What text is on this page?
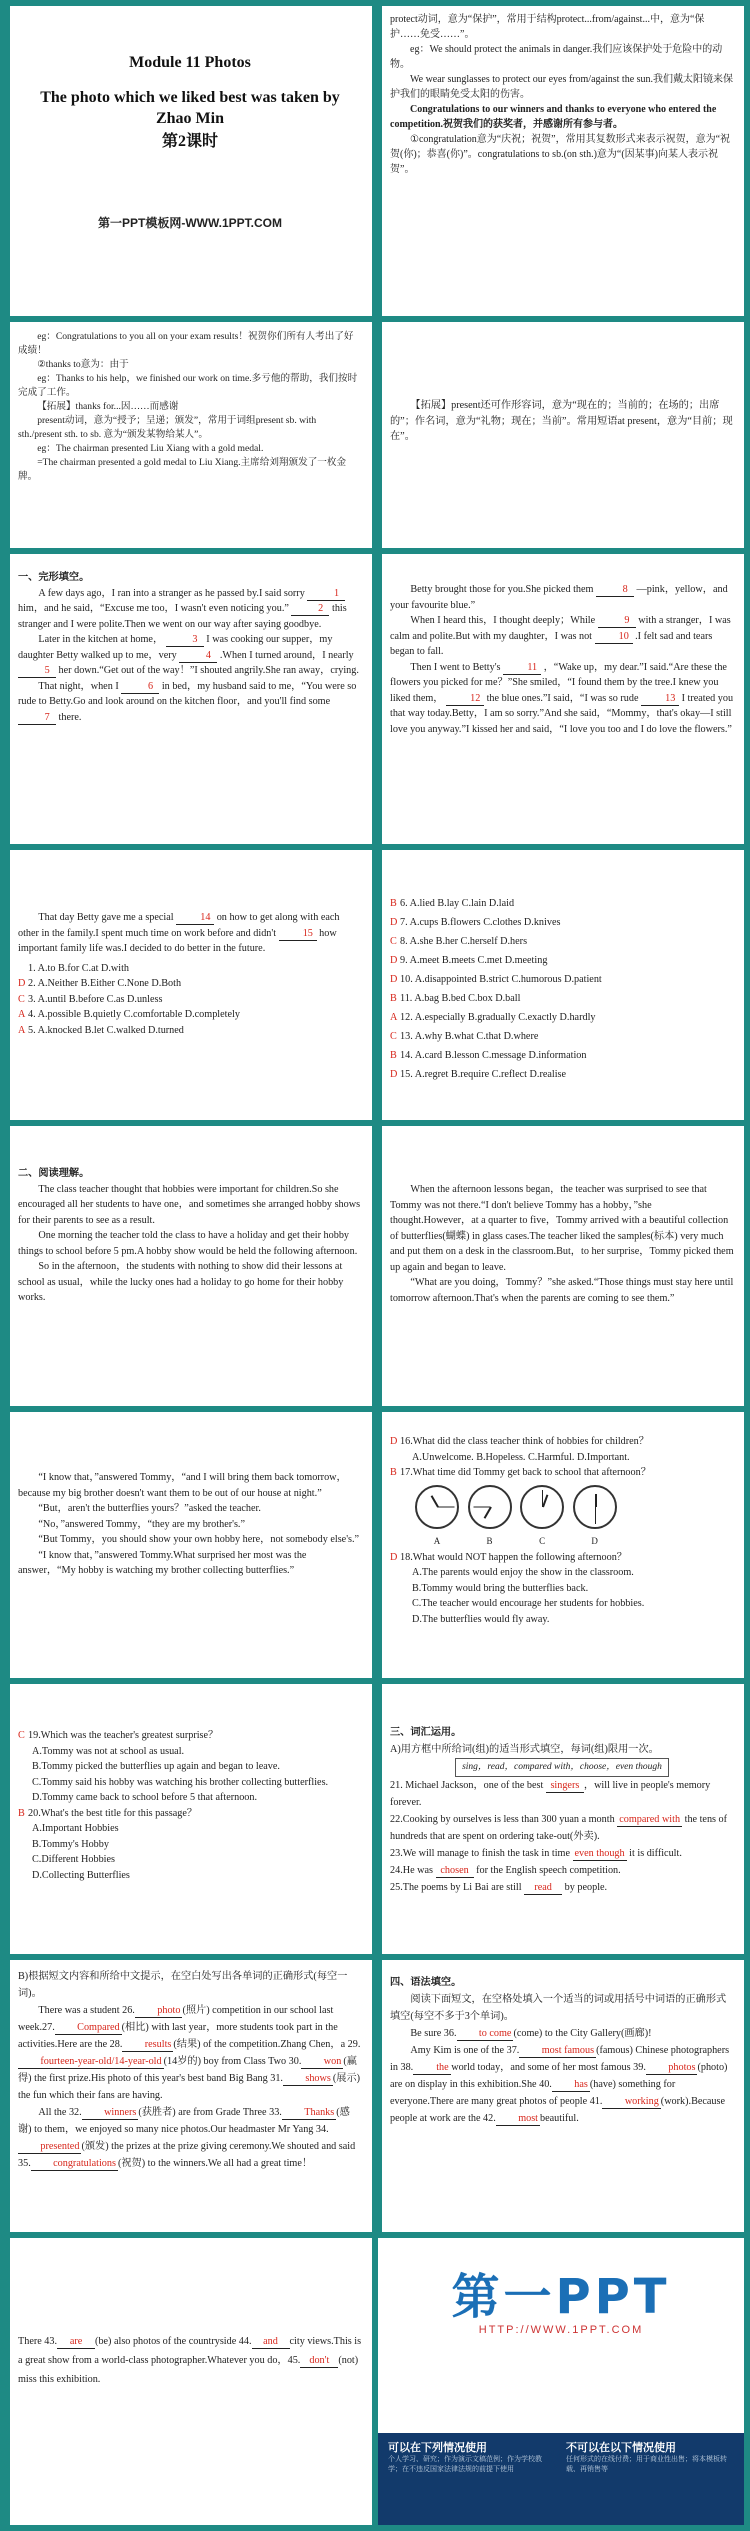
Module 11 Photos
The photo which we liked best was taken by Zhao Min
第2课时
第一PPT模板网-WWW.1PPT.COM

protect动词，意为“保护”，常用于结构protect...from/against...中，意为“保护……免受……”。

eg：We should protect the animals in danger.我们应该保护处于危险中的动物。

We wear sunglasses to protect our eyes from/against the sun.我们戴太阳镜来保护我们的眼睛免受太阳的伤害。

Congratulations to our winners and thanks to everyone who entered the competition.祝贺我们的获奖者，并感谢所有参与者。

①congratulation意为“庆祝；祝贺”，常用其复数形式来表示祝贺，意为“祝贺(你)；恭喜(你)”。congratulations to sb.(on sth.)意为“(因某事)向某人表示祝贺”。

eg：Congratulations to you all on your exam results！祝贺你们所有人考出了好成绩！

②thanks to意为：由于

eg：Thanks to his help，we finished our work on time.多亏他的帮助，我们按时完成了工作。

【拓展】thanks for...因……而感谢

present动词，意为“授予；呈递；颁发”，常用于词组present sb. with sth./present sth. to sb. 意为“颁发某物给某人”。

eg：The chairman presented Liu Xiang with a gold medal.

=The chairman presented a gold medal to Liu Xiang.主席给刘翔颁发了一枚金牌。

【拓展】present还可作形容词，意为“现在的；当前的；在场的；出席的”；作名词，意为“礼物；现在；当前”。常用短语at present，意为“目前；现在”。

一、完形填空。

A few days ago，I ran into a stranger as he passed by.I said sorry	1 him，and he said，“Excuse me too，I wasn't even noticing you.”	2 this stranger and I were polite.Then we went on our way after saying goodbye.

Later in the kitchen at home，	3 I was cooking our supper，my daughter Betty walked up to me，very	4 .When I turned around，I nearly 5 her down.“Get out of the way！”I shouted angrily.She ran away，crying.

That night，when I	6 in bed，my husband said to me，“You were so rude to Betty.Go and look around on the kitchen floor，and you'll find some 7 there.

Betty brought those for you.She picked them	8 —pink，yellow，and your favourite blue.”

When I heard this，I thought deeply；While	9 with a stranger，I was calm and polite.But with my daughter，I was not	10 .I felt sad and tears began to fall.

Then I went to Betty's	11 ，“Wake up，my dear.”I said.“Are these the flowers you picked for me？”She smiled，“I found them by the tree.I knew you liked them，	12 the blue ones.”I said，“I was so rude	13 I treated you that way today.Betty，I am so sorry.”And she said，“Mommy，that's okay—I still love you anyway.”I kissed her and said，“I love you too and I do love the flowers.”

That day Betty gave me a special	14 on how to get along with each other in the family.I spent much time on work before and didn't	15 how important family life was.I decided to do better in the future.

1. A.to B.for C.at D.with

D 2. A.Neither B.Either C.None D.Both

C 3. A.until B.before C.as D.unless

A 4. A.possible B.quietly C.comfortable D.completely

A 5. A.knocked B.let C.walked D.turned

B 6. A.lied B.lay C.lain D.laid

D 7. A.cups B.flowers C.clothes D.knives

C 8. A.she B.her C.herself D.hers

D 9. A.meet B.meets C.met D.meeting

D 10. A.disappointed B.strict C.humorous D.patient

B 11. A.bag B.bed C.box D.ball

A 12. A.especially B.gradually C.exactly D.hardly

C 13. A.why B.what C.that D.where

B 14. A.card B.lesson C.message D.information

D 15. A.regret B.require C.reflect D.realise

二、阅读理解。

The class teacher thought that hobbies were important for children.So she encouraged all her students to have one，and sometimes she arranged hobby shows for their parents to see as a result.

One morning the teacher told the class to have a holiday and get their hobby things to school before 5 pm.A hobby show would be held the following afternoon.

So in the afternoon，the students with nothing to show did their lessons at school as usual，while the lucky ones had a holiday to go home for their hobby works.

When the afternoon lessons began，the teacher was surprised to see that Tommy was not there.“I don't believe Tommy has a hobby，”she thought.However，at a quarter to five，Tommy arrived with a beautiful collection of butterflies(蝴蝶) in glass cases.The teacher liked the samples(标本) very much and put them on a desk in the classroom.But，to her surprise，Tommy picked them up again and began to leave.

“What are you doing，Tommy？”she asked.“Those things must stay here until tomorrow afternoon.That's when the parents are coming to see them.”

“I know that，”answered Tommy，“and I will bring them back tomorrow，because my big brother doesn't want them to be out of our house at night.”

“But，aren't the butterflies yours？”asked the teacher.

“No，”answered Tommy，“they are my brother's.”

“But Tommy，you should show your own hobby here，not somebody else's.”

“I know that，”answered Tommy.What surprised her most was the answer，“My hobby is watching my brother collecting butterflies.”

D 16.What did the class teacher think of hobbies for children？

A.Unwelcome. B.Hopeless. C.Harmful. D.Important.

B 17.What time did Tommy get back to school that afternoon？

A
	B
	C
	D

D 18.What would NOT happen the following afternoon？

A.The parents would enjoy the show in the classroom.

B.Tommy would bring the butterflies back.

C.The teacher would encourage her students for hobbies.

D.The butterflies would fly away.

C 19.Which was the teacher's greatest surprise？

A.Tommy was not at school as usual.

B.Tommy picked the butterflies up again and began to leave.

C.Tommy said his hobby was watching his brother collecting butterflies.

D.Tommy came back to school before 5 that afternoon.

B 20.What's the best title for this passage？

A.Important Hobbies

B.Tommy's Hobby

C.Different Hobbies

D.Collecting Butterflies

三、词汇运用。

A)用方框中所给词(组)的适当形式填空，每词(组)限用一次。

sing，read，compared with，choose，even though

21. Michael Jackson，one of the best singers ，will live in people's memory forever.

22.Cooking by ourselves is less than 300 yuan a month compared with the tens of hundreds that are spent on ordering take-out(外卖).

23.We will manage to finish the task in time even though it is difficult.

24.He was chosen for the English speech competition.

25.The poems by Li Bai are still read by people.

B)根据短文内容和所给中文提示，在空白处写出各单词的正确形式(每空一词)。

There was a student 26. photo (照片) competition in our school last week.27. Compared (相比) with last year，more students took part in the activities.Here are the 28. results (结果) of the competition.Zhang Chen，a 29.fourteen-year-old/14-year-old (14岁的) boy from Class Two 30. won (赢得) the first prize.His photo of this year's best band Big Bang 31. shows (展示) the fun which their fans are having.

All the 32. winners (获胜者) are from Grade Three 33. Thanks (感谢) to them，we enjoyed so many nice photos.Our headmaster Mr Yang 34.presented (颁发) the prizes at the prize giving ceremony.We shouted and said 35. congratulations (祝贺) to the winners.We all had a great time！

四、语法填空。

阅读下面短文，在空格处填入一个适当的词或用括号中词语的正确形式填空(每空不多于3个单词)。

Be sure 36. to come (come) to the City Gallery(画廊)!

Amy Kim is one of the 37. most famous (famous) Chinese photographers in 38. the world today，and some of her most famous 39. photos (photo) are on display in this exhibition.She 40. has (have) something for everyone.There are many great photos of people 41. working (work).Because people at work are the 42. most beautiful.

There 43. are (be) also photos of the countryside 44. and city views.This is a great show from a world-class photographer.Whatever you do，45. don't (not) miss this exhibition.

第一PPT
HTTP://WWW.1PPT.COM
可以在下列情况使用
个人学习、研究；作为演示文稿范例；作为学校教学；在不违反国家法律法规的前提下使用
不可以在以下情况使用
任何形式的在线付费；用于商业性出售；将本模板转载、再销售等
